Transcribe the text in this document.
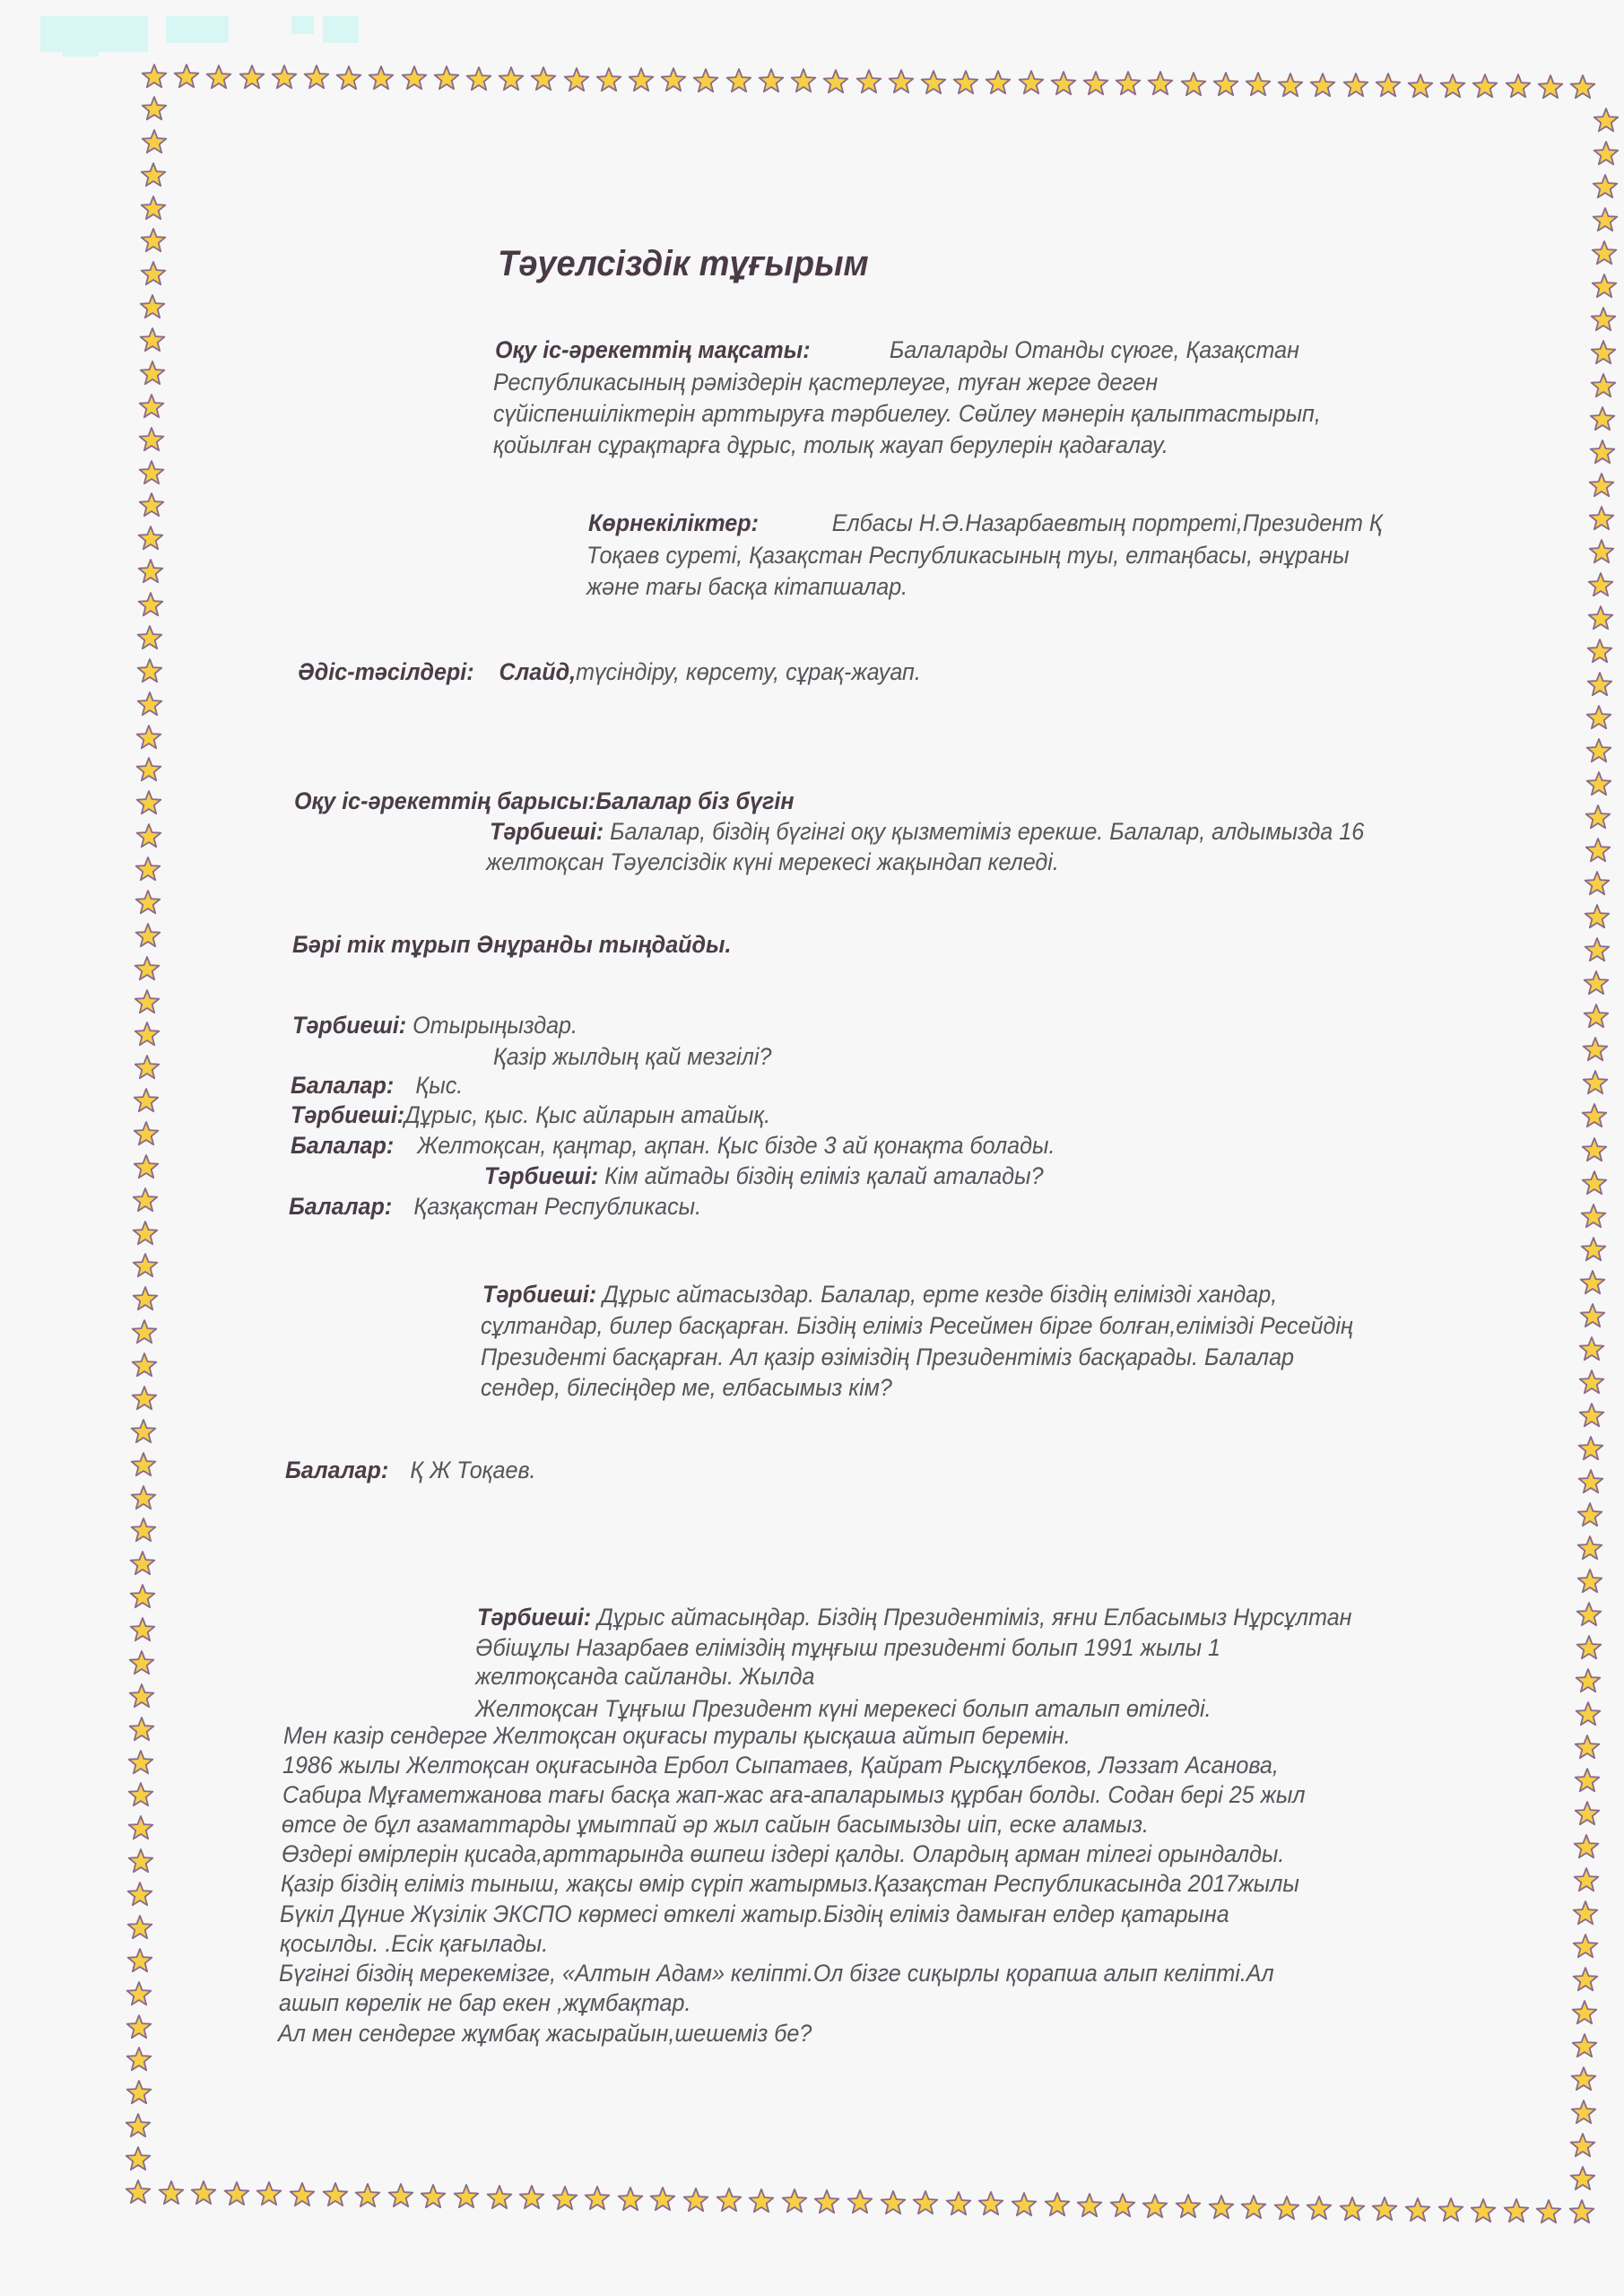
Тәуелсіздік тұғырым
Оқу іс-әрекеттің мақсаты:	Балаларды Отанды сүюге, Қазақстан
Республикасының рәміздерін қастерлеуге, туған жерге деген
сүйіспеншіліктерін арттыруға тәрбиелеу. Сөйлеу мәнерін қалыптастырып,
қойылған сұрақтарға дұрыс, толық жауап берулерін қадағалау.
Көрнекіліктер:	Елбасы Н.Ә.Назарбаевтың портреті,Президент Қ
Тоқаев суреті, Қазақстан Республикасының туы, елтаңбасы, әнұраны
және тағы басқа кітапшалар.
Әдіс-тәсілдері: Слайд,түсіндіру, көрсету, сұрақ-жауап.
Оқу іс-әрекеттің барысы:Балалар біз бүгін
Тәрбиеші: Балалар, біздің бүгінгі оқу қызметіміз ерекше. Балалар, алдымызда 16
желтоқсан Тәуелсіздік күні мерекесі жақындап келеді.
Бәрі тік тұрып Әнұранды тыңдайды.
Тәрбиеші: Отырыңыздар.
Қазір жылдың қай мезгілі?
Балалар: Қыс.
Тәрбиеші:Дұрыс, қыс. Қыс айларын атайық.
Балалар: Желтоқсан, қаңтар, ақпан. Қыс бізде 3 ай қонақта болады.
Тәрбиеші: Кім айтады біздің еліміз қалай аталады?
Балалар: Қазқақстан Республикасы.
Тәрбиеші: Дұрыс айтасыздар. Балалар, ерте кезде біздің елімізді хандар,
сұлтандар, билер басқарған. Біздің еліміз Ресеймен бірге болған,елімізді Ресейдің
Президенті басқарған. Ал қазір өзіміздің Президентіміз басқарады. Балалар
сендер, білесіңдер ме, елбасымыз кім?
Балалар: Қ Ж Тоқаев.
Тәрбиеші: Дұрыс айтасыңдар. Біздің Президентіміз, яғни Елбасымыз Нұрсұлтан
Әбішұлы Назарбаев еліміздің тұңғыш президенті болып 1991 жылы 1
желтоқсанда сайланды. Жылда
Желтоқсан Тұңғыш Президент күні мерекесі болып аталып өтіледі.
Мен казір сендерге Желтоқсан оқиғасы туралы қысқаша айтып беремін.
1986 жылы Желтоқсан оқиғасында Ербол Сыпатаев, Қайрат Рысқұлбеков, Ләззат Асанова,
Сабира Мұғаметжанова тағы басқа жап-жас аға-апаларымыз құрбан болды. Содан бері 25 жыл
өтсе де бұл азаматтарды ұмытпай әр жыл сайын басымызды иіп, еске аламыз.
Өздері өмірлерін қисада,арттарында өшпеш іздері қалды. Олардың арман тілегі орындалды.
Қазір біздің еліміз тыныш, жақсы өмір сүріп жатырмыз.Қазақстан Республикасында 2017жылы
Бүкіл Дүние Жүзілік ЭКСПО көрмесі өткелі жатыр.Біздің еліміз дамыған елдер қатарына
қосылды. .Есік қағылады.
Бүгінгі біздің мерекемізге, «Алтын Адам» келіпті.Ол бізге сиқырлы қорапша алып келіпті.Ал
ашып көрелік не бар екен ,жұмбақтар.
Ал мен сендерге жұмбақ жасырайын,шешеміз бе?
